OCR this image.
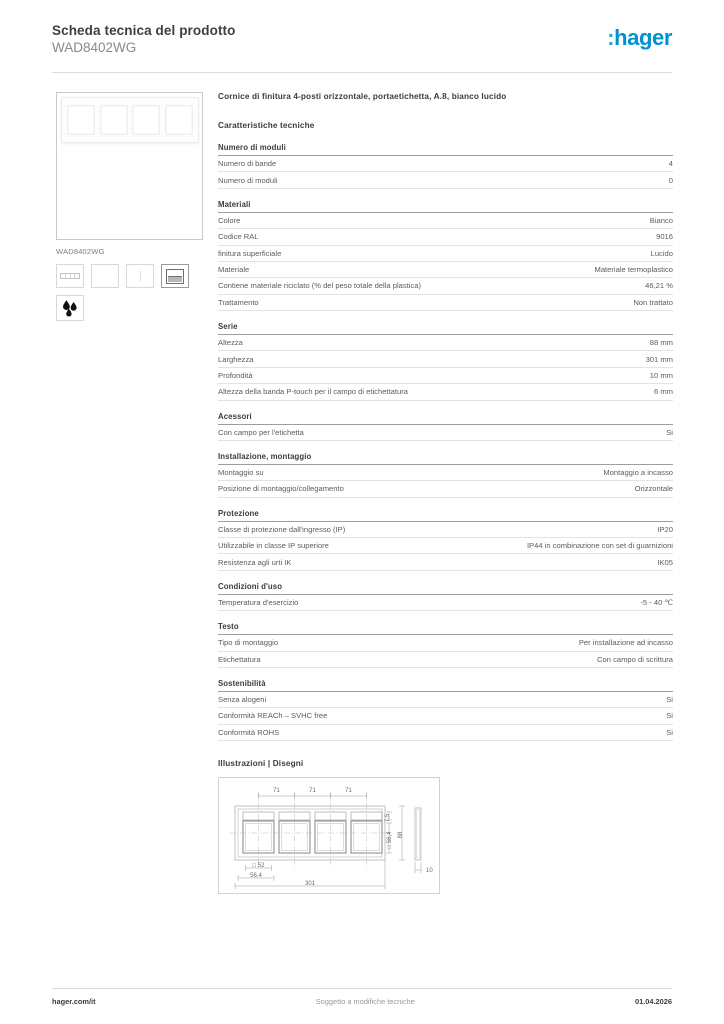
Scheda tecnica del prodotto
WAD8402WG	:hager
WAD8402WG
Cornice di finitura 4-posti orizzontale, portaetichetta, A.8, bianco lucido
Caratteristiche tecniche
Numero di moduli
Numero di bande	4
Numero di moduli	0
Materiali
Colore	Bianco
Codice RAL	9016
finitura superficiale	Lucido
Materiale	Materiale termoplastico
Contiene materiale riciclato (% del peso totale della plastica)	46,21 %
Trattamento	Non trattato
Serie
Altezza	88 mm
Larghezza	301 mm
Profondità	10 mm
Altezza della banda P-touch per il campo di etichettatura	6 mm
Acessori
Con campo per l'etichetta	Si
Installazione, montaggio
Montaggio su	Montaggio a incasso
Posizione di montaggio/collegamento	Orizzontale
Protezione
Classe di protezione dall'ingresso (IP)	IP20
Utilizzabile in classe IP superiore	IP44 in combinazione con set di guarnizioni
Resistenza agli urti IK	IK05
Condizioni d'uso
Temperatura d'esercizio	-5 - 40 ℃
Testo
Tipo di montaggio	Per installazione ad incasso
Etichettatura	Con campo di scrittura
Sostenibilità
Senza alogeni	Si
Conformità REACh – SVHC free	Si
Conformità ROHS	Si
Illustrazioni | Disegni
71	71	71
7,5
□ 56,4 88
10
□ 52
56,4
301
hager.com/it	Soggetto a modifiche tecniche	01.04.2026
